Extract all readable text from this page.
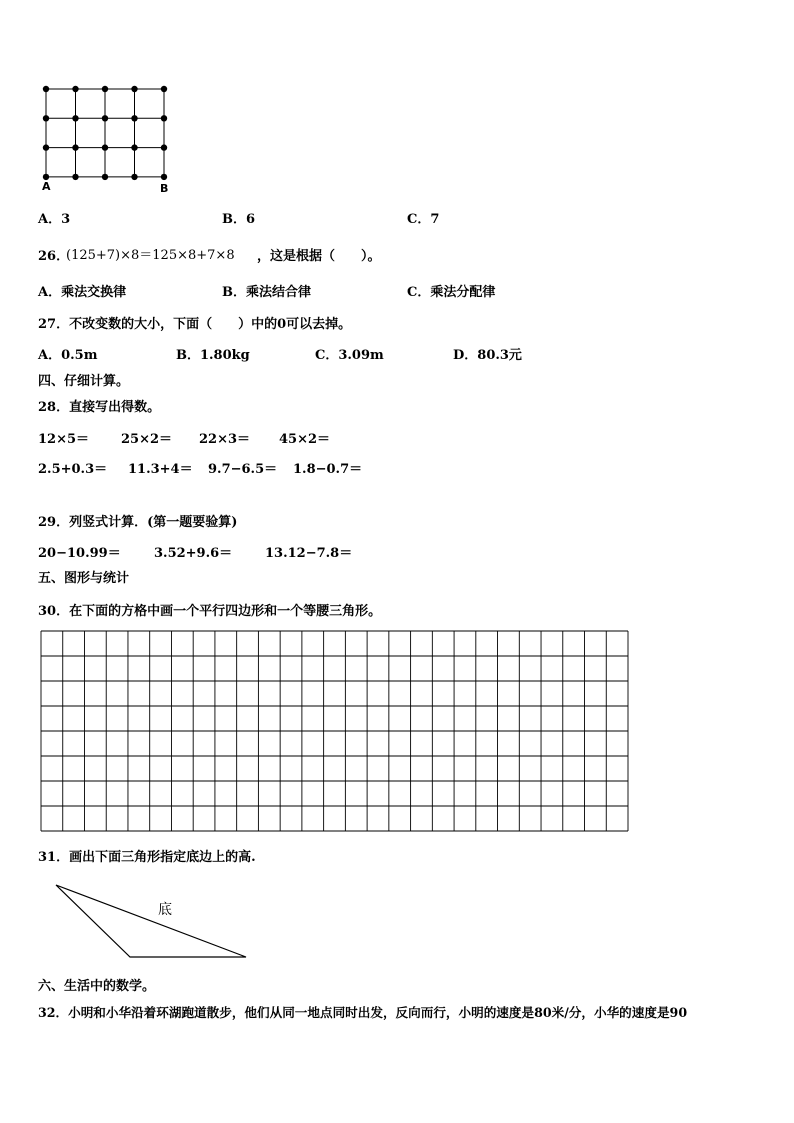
A	B
A．3	B．6	C．7
26．
(125+7)×8＝125×8+7×8 ，这是根据（　　）。
A．乘法交换律	B．乘法结合律	C．乘法分配律
27．不改变数的大小，下面（　　）中的0可以去掉。
A．0.5m	B．1.80kg	C．3.09m	D．80.3元
四、仔细计算。
28．直接写出得数。
12×5＝ 25×2＝ 22×3＝ 45×2＝
2.5+0.3＝ 11.3+4＝ 9.7−6.5＝ 1.8−0.7＝
29．列竖式计算．(第一题要验算)
20−10.99＝	3.52+9.6＝	13.12−7.8＝
五、图形与统计
30．在下面的方格中画一个平行四边形和一个等腰三角形。
31．画出下面三角形指定底边上的高.
底
六、生活中的数学。
32．小明和小华沿着环湖跑道散步，他们从同一地点同时出发，反向而行，小明的速度是80米/分，小华的速度是90
